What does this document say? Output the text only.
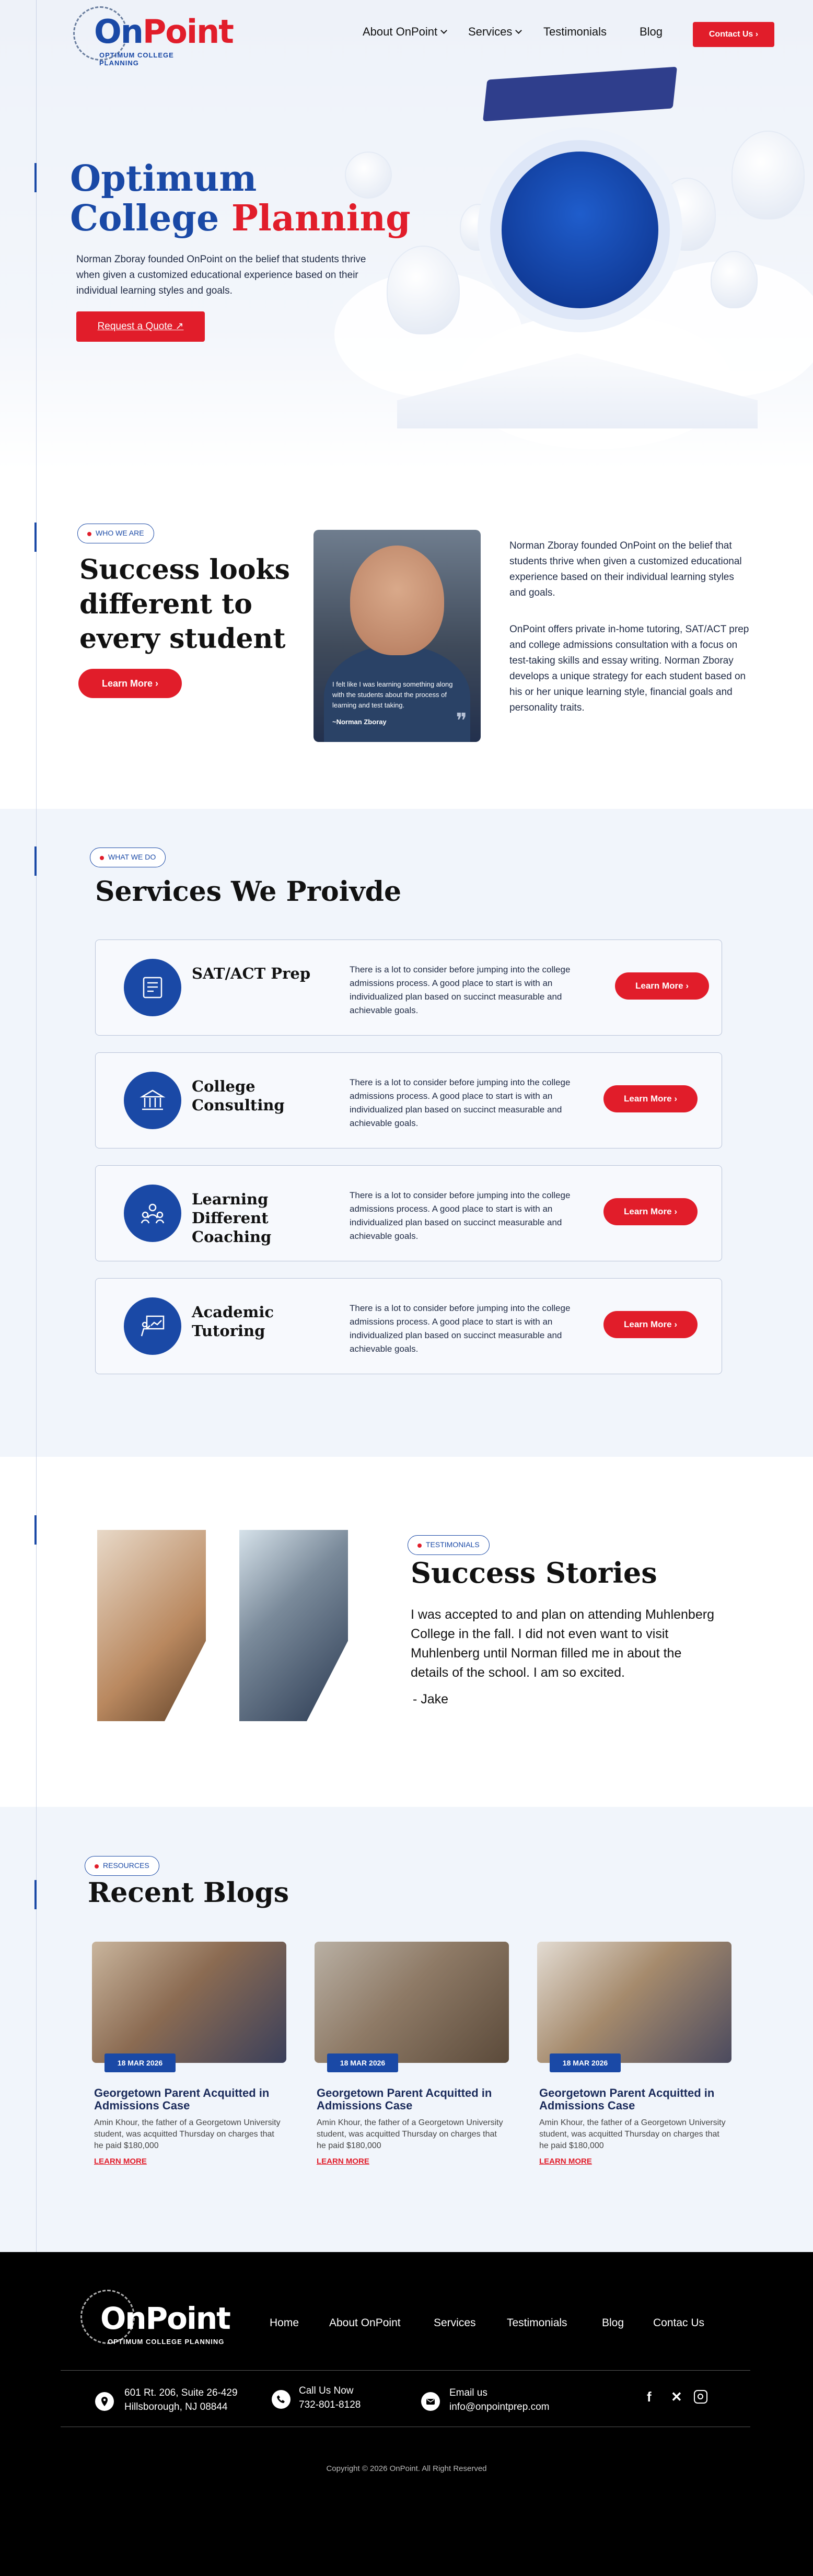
Optimum
College Planning
Norman Zboray founded OnPoint on the belief that students thrive when given a customized educational experience based on their individual learning styles and goals.
Request a Quote ↗
OnPoint
OPTIMUM COLLEGE PLANNING
About OnPoint	Services	Testimonials	Blog	Contact Us ›
WHO WE ARE
Success looks different to every student
Learn More ›	I felt like I was learning something along with the students about the process of learning and test taking.
~Norman Zboray	❞
Norman Zboray founded OnPoint on the belief that students thrive when given a customized educational experience based on their individual learning styles and goals.
OnPoint offers private in-home tutoring, SAT/ACT prep and college admissions consultation with a focus on test-taking skills and essay writing. Norman Zboray develops a unique strategy for each student based on his or her unique learning style, financial goals and personality traits.
WHAT WE DO
Services We Proivde
SAT/ACT Prep	There is a lot to consider before jumping into the college admissions process. A good place to start is with an individualized plan based on succinct measurable and achievable goals.
Learn More ›
College Consulting
There is a lot to consider before jumping into the college admissions process. A good place to start is with an individualized plan based on succinct measurable and achievable goals.
Learn More ›
Learning Different Coaching
There is a lot to consider before jumping into the college admissions process. A good place to start is with an individualized plan based on succinct measurable and achievable goals.
Learn More ›
Academic Tutoring
There is a lot to consider before jumping into the college admissions process. A good place to start is with an individualized plan based on succinct measurable and achievable goals.
Learn More ›
TESTIMONIALS
Success Stories
I was accepted to and plan on attending Muhlenberg College in the fall. I did not even want to visit Muhlenberg until Norman filled me in about the details of the school. I am so excited.
- Jake
RESOURCES
Recent Blogs
18 MAR 2026
Georgetown Parent Acquitted in Admissions Case
Amin Khour, the father of a Georgetown University student, was acquitted Thursday on charges that he paid $180,000
LEARN MORE
18 MAR 2026
Georgetown Parent Acquitted in Admissions Case
Amin Khour, the father of a Georgetown University student, was acquitted Thursday on charges that he paid $180,000
LEARN MORE
18 MAR 2026
Georgetown Parent Acquitted in Admissions Case
Amin Khour, the father of a Georgetown University student, was acquitted Thursday on charges that he paid $180,000
LEARN MORE
OnPoint
OPTIMUM COLLEGE PLANNING
Home	About OnPoint	Services	Testimonials	Blog	Contac Us
601 Rt. 206, Suite 26-429
Hillsborough, NJ 08844
Call Us Now
732-801-8128
Email us
info@onpointprep.com
f ✕
Copyright © 2026 OnPoint. All Right Reserved
